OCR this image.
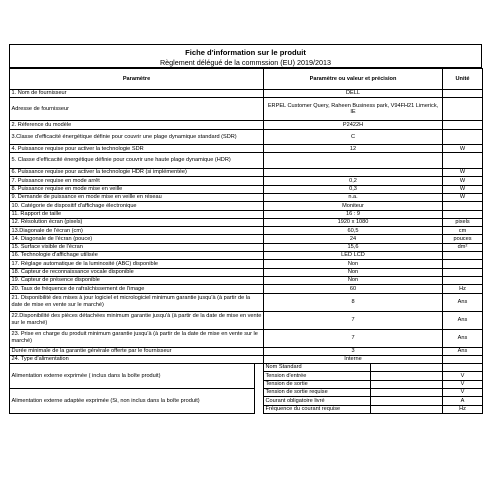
Fiche d'information sur le produit
Règlement délégué de la commssion (EU) 2019/2013
Paramètre		Paramètre ou valeur et précision		Unité
1. Nom de fournisseur		DELL		
Adresse de fournisseur		ERPEL Customer Query, Raheen Business park, V94FH21 Limerick, IE		
2. Réference du modèle		P2422H		
3.Classe d'efficacité énergétique définie pour couvrir une plage dynamique standard (SDR)		C		
4. Puissance requise pour activer la technologie SDR		12		W
5. Classe d'efficacité énergétique définie pour couvrir une haute plage dynamique (HDR)				
6. Puissance requise pour activer la technologie HDR (si implémentée)				W
7. Puissance requise en mode arrêt		0,2		W
8. Puissance requise en mode mise en veille		0,3		W
9. Demande de puissance en mode mise en veille en réseau		n.a.		W
10. Catégorie de dispositif d'affichage électronique		Moniteur		
11. Rapport de taille		16 : 9		
12. Résolution écran (pixels)		1920 x 1080		pixels
13.Diagonale de l'écran (cm)		60,5		cm
14. Diagonale de l'écran (pouce)		24		pouces
15. Surface visible de l'écran		15,6		dm²
16. Technologie d'affichage utilisée		LED LCD		
17. Réglage automatique de la luminosité (ABC) disponible		Non		
18. Capteur de reconnaissance vocale disponible		Non		
19. Capteur de présence disponible		Non		
20. Taux de fréquence de rafraîchissement de l'image		60		Hz
21. Disponibilité des mises à jour logiciel et micrologiciel minimum garantie jusqu'à (à partir de la date de mise en vente sur le marché)		8		Ans
22.Disponibilité des pièces détachées minimum garantie jusqu'à (à partir de la date de mise en vente sur le marché)		7		Ans
23. Prise en charge du produit minimum garantie jusqu'à (à partir de la date de mise en vente sur le marché)		7		Ans
Durée minimale de la garantie générale offerte par le fournisseur		3		Ans
24. Type d'alimentation		Interne		
Alimentation externe exprimée ( inclus dans la boîte produit)		Nom Standard		
		Tension d'entrée		V
		Tension de sortie		V
Alimentation externe adaptée exprimée (Si, non inclus dans la boîte produit)		Tension de sortie requise		V
		Courant obligatoire livré		A
		Fréquence du courant requise		Hz
